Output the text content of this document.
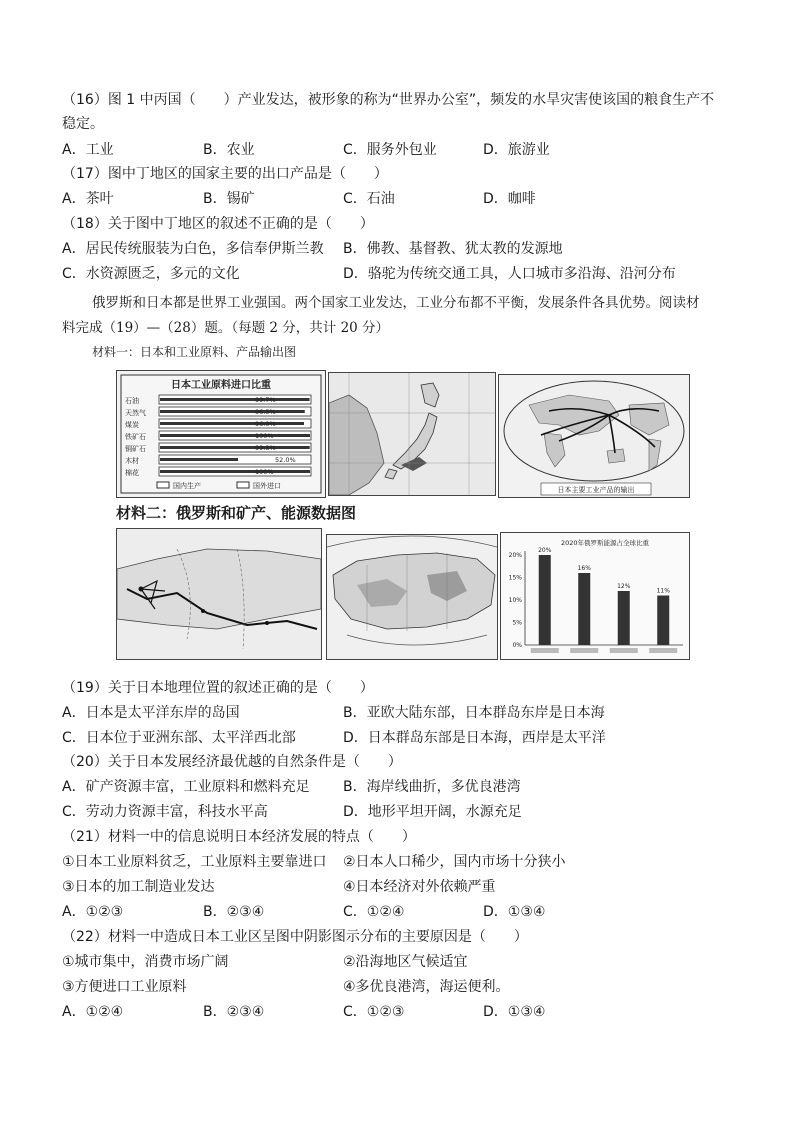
（16）图 1 中丙国（　　）产业发达，被形象的称为“世界办公室”，频发的水旱灾害使该国的粮食生产不
稳定。
A．工业	B．农业	C．服务外包业	D．旅游业
（17）图中丁地区的国家主要的出口产品是（　　）
A．茶叶	B．锡矿	C．石油	D．咖啡
（18）关于图中丁地区的叙述不正确的是（　　）
A．居民传统服装为白色，多信奉伊斯兰教 B．佛教、基督教、犹太教的发源地
C．水资源匮乏，多元的文化	D．骆驼为传统交通工具，人口城市多沿海、沿河分布
俄罗斯和日本都是世界工业强国。两个国家工业发达，工业分布都不平衡，发展条件各具优势。阅读材
料完成（19）—（28）题。（每题 2 分，共计 20 分）
材料一：日本和工业原料、产品输出图
日本工业原料进口比重
石油	99.7%
天然气	96.5%
煤炭	96.0%
铁矿石	100%
铜矿石	99.8%
木材	52.0%
棉花	100%
国内生产	国外进口	日本主要工业产品的输出
材料二：俄罗斯和矿产、能源数据图
2020年俄罗斯能源占全球比重
20%
15%
10%
5%
0%
20%
16%
12%
11%
（19）关于日本地理位置的叙述正确的是（　　）
A．日本是太平洋东岸的岛国	B．亚欧大陆东部，日本群岛东岸是日本海
C．日本位于亚洲东部、太平洋西北部	D．日本群岛东部是日本海，西岸是太平洋
（20）关于日本发展经济最优越的自然条件是（　　）
A．矿产资源丰富，工业原料和燃料充足 B．海岸线曲折，多优良港湾
C．劳动力资源丰富，科技水平高	D．地形平坦开阔，水源充足
（21）材料一中的信息说明日本经济发展的特点（　　）
①日本工业原料贫乏，工业原料主要靠进口 ②日本人口稀少，国内市场十分狭小
③日本的加工制造业发达	④日本经济对外依赖严重
A．①②③	B．②③④	C．①②④	D．①③④
（22）材料一中造成日本工业区呈图中阴影图示分布的主要原因是（　　）
①城市集中，消费市场广阔	②沿海地区气候适宜
③方便进口工业原料	④多优良港湾，海运便利。
A．①②④	B．②③④	C．①②③	D．①③④
